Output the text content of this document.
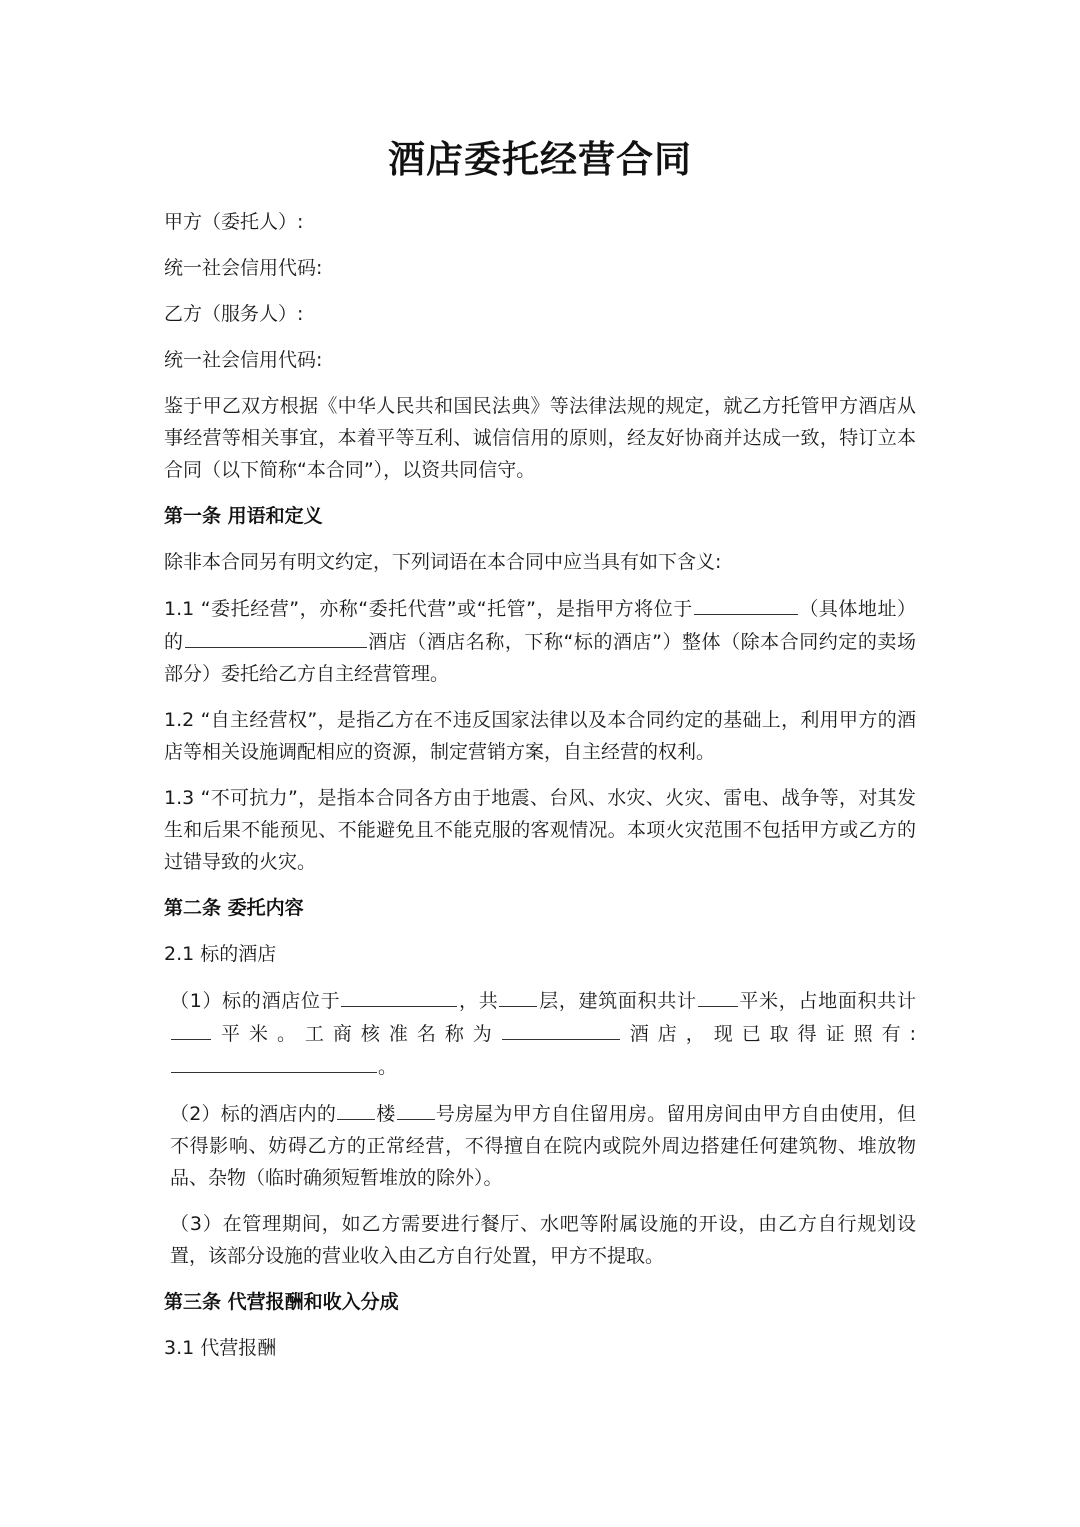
酒店委托经营合同

甲方（委托人）:

统一社会信用代码:

乙方（服务人）:

统一社会信用代码:

鉴于甲乙双方根据《中华人民共和国民法典》等法律法规的规定，就乙方托管甲方酒店从事经营等相关事宜，本着平等互利、诚信信用的原则，经友好协商并达成一致，特订立本合同（以下简称“本合同”），以资共同信守。

第一条 用语和定义

除非本合同另有明文约定，下列词语在本合同中应当具有如下含义:

1.1 “委托经营”，亦称“委托代营”或“托管”，是指甲方将位于	（具体地址）的	酒店（酒店名称，下称“标的酒店”）整体（除本合同约定的卖场部分）委托给乙方自主经营管理。

1.2 “自主经营权”，是指乙方在不违反国家法律以及本合同约定的基础上，利用甲方的酒店等相关设施调配相应的资源，制定营销方案，自主经营的权利。

1.3 “不可抗力”，是指本合同各方由于地震、台风、水灾、火灾、雷电、战争等，对其发生和后果不能预见、不能避免且不能克服的客观情况。本项火灾范围不包括甲方或乙方的过错导致的火灾。

第二条 委托内容

2.1 标的酒店

（1）标的酒店位于	，共 层，建筑面积共计 平米，占地面积共计平米。工商核准名称为	酒店，现已取得证照有:。

（2）标的酒店内的 楼 号房屋为甲方自住留用房。留用房间由甲方自由使用，但不得影响、妨碍乙方的正常经营，不得擅自在院内或院外周边搭建任何建筑物、堆放物品、杂物（临时确须短暂堆放的除外）。

（3）在管理期间，如乙方需要进行餐厅、水吧等附属设施的开设，由乙方自行规划设置，该部分设施的营业收入由乙方自行处置，甲方不提取。

第三条 代营报酬和收入分成

3.1 代营报酬
